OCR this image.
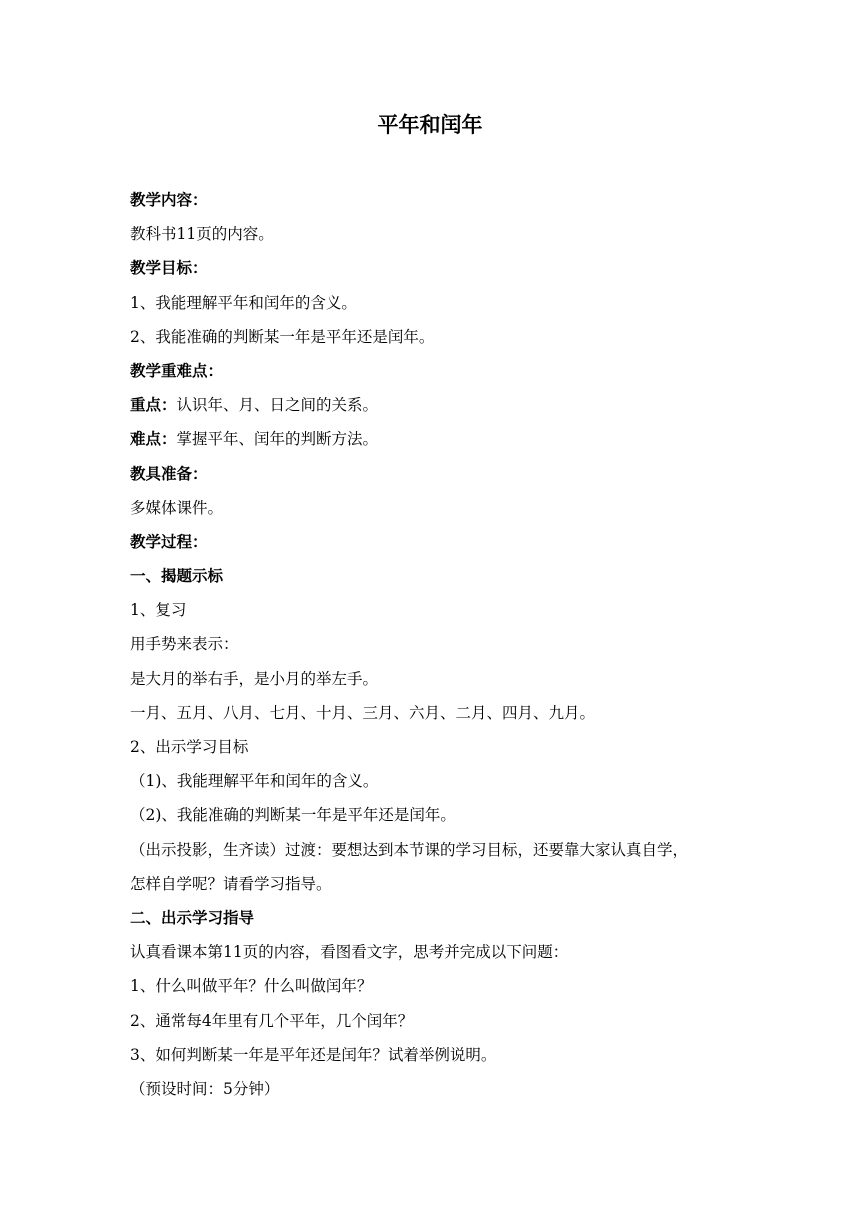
平年和闰年
教学内容：
教科书11页的内容。
教学目标：
1、我能理解平年和闰年的含义。
2、我能准确的判断某一年是平年还是闰年。
教学重难点：
重点：认识年、月、日之间的关系。
难点：掌握平年、闰年的判断方法。
教具准备：
多媒体课件。
教学过程：
一、揭题示标
1、复习
用手势来表示：
是大月的举右手，是小月的举左手。
一月、五月、八月、七月、十月、三月、六月、二月、四月、九月。
2、出示学习目标
（1)、我能理解平年和闰年的含义。
（2)、我能准确的判断某一年是平年还是闰年。
（出示投影，生齐读）过渡：要想达到本节课的学习目标，还要靠大家认真自学，
怎样自学呢？请看学习指导。
二、出示学习指导
认真看课本第11页的内容，看图看文字，思考并完成以下问题：
1、什么叫做平年？什么叫做闰年？
2、通常每4年里有几个平年，几个闰年？
3、如何判断某一年是平年还是闰年？试着举例说明。
（预设时间：5分钟）
